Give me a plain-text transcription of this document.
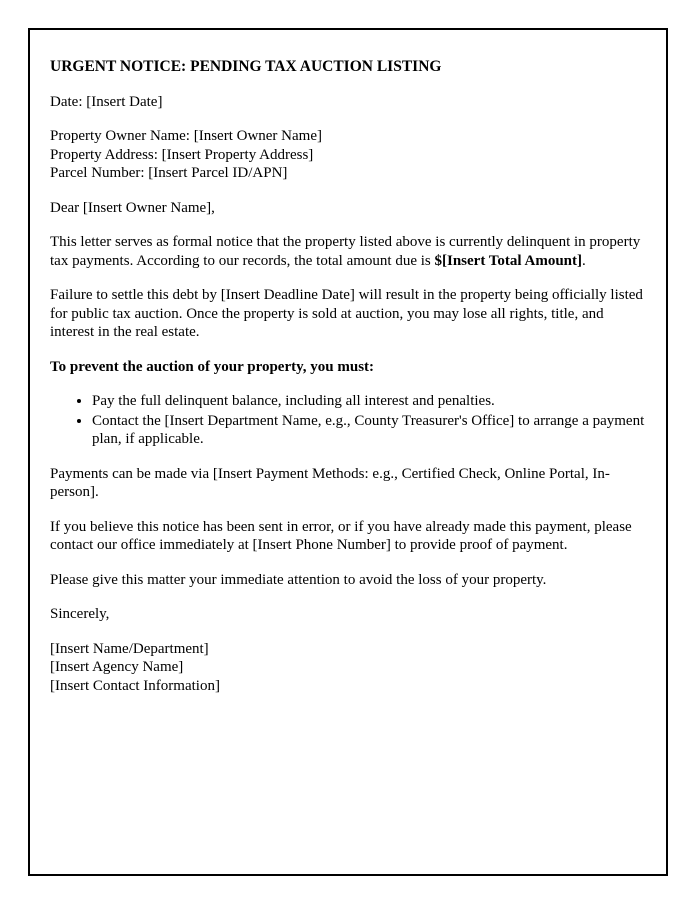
URGENT NOTICE: PENDING TAX AUCTION LISTING

Date: [Insert Date]

Property Owner Name: [Insert Owner Name]

Property Address: [Insert Property Address]

Parcel Number: [Insert Parcel ID/APN]

Dear [Insert Owner Name],

This letter serves as formal notice that the property listed above is currently delinquent in property tax payments. According to our records, the total amount due is $[Insert Total Amount].

Failure to settle this debt by [Insert Deadline Date] will result in the property being officially listed for public tax auction. Once the property is sold at auction, you may lose all rights, title, and interest in the real estate.

To prevent the auction of your property, you must:

• Pay the full delinquent balance, including all interest and penalties.
• Contact the [Insert Department Name, e.g., County Treasurer's Office] to arrange a payment plan, if applicable.

Payments can be made via [Insert Payment Methods: e.g., Certified Check, Online Portal, In-person].

If you believe this notice has been sent in error, or if you have already made this payment, please contact our office immediately at [Insert Phone Number] to provide proof of payment.

Please give this matter your immediate attention to avoid the loss of your property.

Sincerely,

[Insert Name/Department]

[Insert Agency Name]

[Insert Contact Information]
